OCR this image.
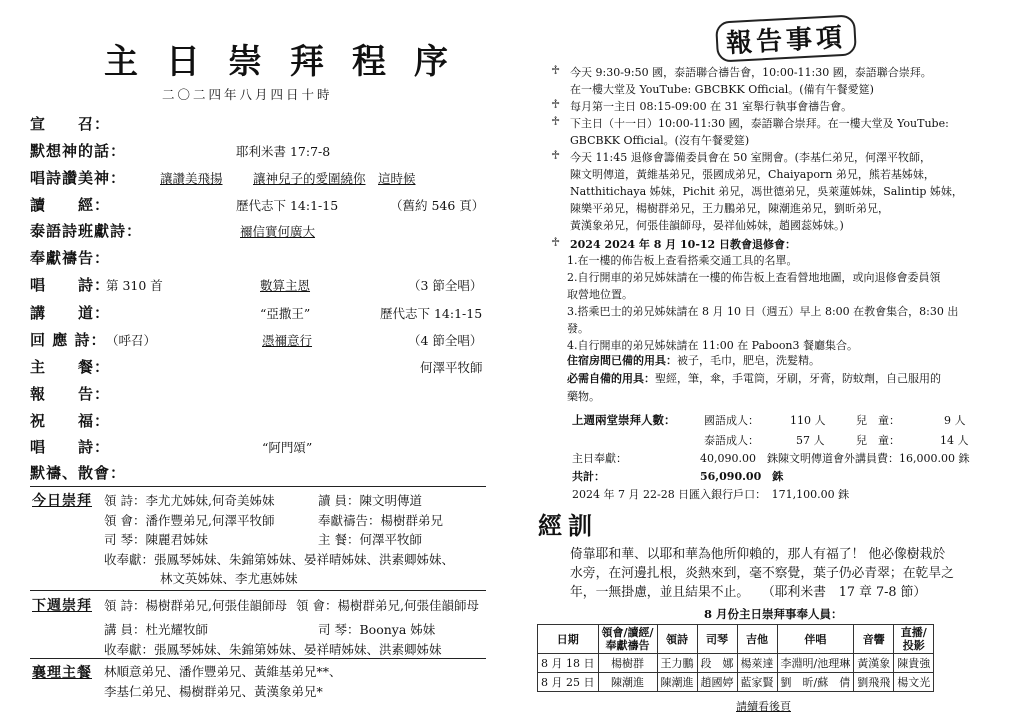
主日崇拜程序
二〇二四年八月四日十時
宣　　召：
默想神的話：	耶利米書 17:7-8
唱詩讚美神：	讓讚美飛揚 讓神兒子的愛圍繞你 這時候
讀　　經：	歷代志下 14:1-15	（舊約 546 頁）
泰語詩班獻詩：	禰信實何廣大
奉獻禱告：
唱　　詩：
第 310 首	數算主恩	（3 節全唱）
講　　道：	“亞撒王”	歷代志下 14:1-15
回 應 詩： （呼召）	憑禰意行	（4 節全唱）
主　　餐：	何澤平牧師
報　　告：
祝　　福：
唱　　詩：	“阿門頌”
默禱、散會：
今日崇拜 領 詩：李尤尤姊妹,何奇美姊妹	讀 員：陳文明傳道
領 會：潘作豐弟兄,何澤平牧師	奉獻禱告：楊樹群弟兄
司 琴：陳麗君姊妹	主 餐：何澤平牧師
收奉獻：張鳳琴姊妹、朱錦第姊妹、晏祥晴姊妹、洪素卿姊妹、
林文英姊妹、李尤惠姊妹
下週崇拜 領 詩：楊樹群弟兄,何張佳韻師母 領 會：楊樹群弟兄,何張佳韻師母
講 員：杜光耀牧師	司 琴：Boonya 姊妹
收奉獻：張鳳琴姊妹、朱錦第姊妹、晏祥晴姊妹、洪素卿姊妹
襄理主餐 林順意弟兄、潘作豐弟兄、黃維基弟兄**、
李基仁弟兄、楊樹群弟兄、黃漢象弟兄*
報告事項
♱ 今天 9:30-9:50 國，泰語聯合禱告會，10:00-11:30 國，泰語聯合崇拜。
在一樓大堂及 YouTube: GBCBKK Official。(備有午餐愛筵)
♱ 每月第一主日 08:15-09:00 在 31 室舉行執事會禱告會。
♱ 下主日（十一日）10:00-11:30 國，泰語聯合崇拜。在一樓大堂及 YouTube:
GBCBKK Official。(沒有午餐愛筵)
♱ 今天 11:45 退修會籌備委員會在 50 室開會。(李基仁弟兄，何澤平牧師，
陳文明傳道，黃維基弟兄，張國成弟兄，Chaiyaporn 弟兄，熊若基姊妹，
Natthitichaya 姊妹，Pichit 弟兄，馮世德弟兄，吳萊蓮姊妹，Salintip 姊妹，
陳樂平弟兄，楊樹群弟兄，王力鵬弟兄，陳潮進弟兄，劉昕弟兄，
黃漢象弟兄，何張佳韻師母，晏祥仙姊妹，趙國蕊姊妹。)
♱ 2024 2024 年 8 月 10-12 日教會退修會：
1.在一樓的佈告板上查看搭乘交通工具的名單。
2.自行開車的弟兄姊妹請在一樓的佈告板上查看營地地圖，或向退修會委員領
取營地位置。
3.搭乘巴士的弟兄姊妹請在 8 月 10 日（週五）早上 8:00 在教會集合，8:30 出
發。
4.自行開車的弟兄姊妹請在 11:00 在 Paboon3 餐廳集合。
住宿房間已備的用具：被子，毛巾，肥皂，洗髮精。
必需自備的用具：聖經，筆，傘，手電筒，牙刷，牙膏，防蚊劑，自己服用的
藥物。
上週兩堂崇拜人數：	國語成人：	110 人	兒　童：	9 人
泰語成人：	57 人	兒　童：	14 人
主日奉獻：	40,090.00　銖 陳文明傳道會外講員費：16,000.00 銖
共計：	56,090.00　銖
2024 年 7 月 22-28 日匯入銀行戶口：　171,100.00 銖
經訓
倚靠耶和華、以耶和華為他所仰賴的，那人有福了！ 他必像樹栽於
水旁，在河邊扎根，炎熱來到，毫不察覺，葉子仍必青翠；在乾旱之
年，一無掛慮，並且結果不止。　　（耶利米書　17 章 7-8 節）
8 月份主日崇拜事奉人員：
日期	領會/讀經/
奉獻禱告	領詩	司琴	吉他	伴唱	音響	直播/
投影
8 月 18 日	楊樹群	王力鵬	段　娜	楊萊達	李淵明/池理琳	黃漢象	陳貴強
8 月 25 日	陳潮進	陳潮進	趙國婷	藍家賢	劉　昕/蘇　倩	劉飛飛	楊文光
請續看後頁
